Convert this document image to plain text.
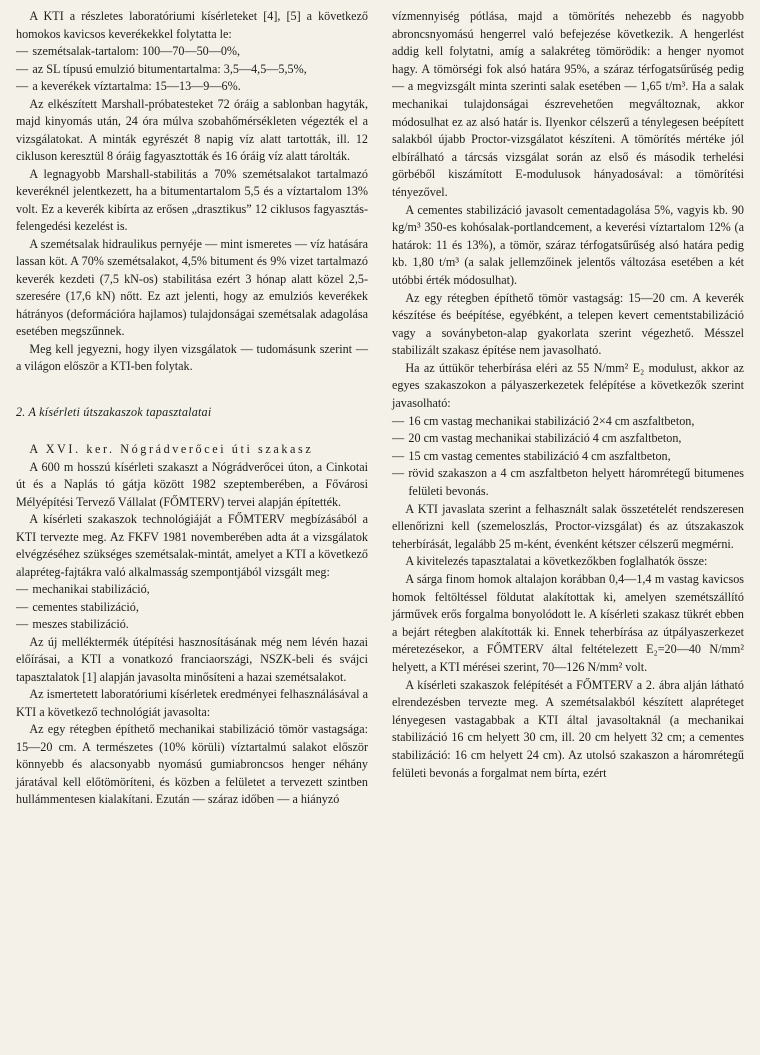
A KTI a részletes laboratóriumi kísérleteket [4], [5] a következő homokos kavicsos keverékekkel folytatta le:

— szemétsalak-tartalom: 100—70—50—0%,

— az SL típusú emulzió bitumentartalma: 3,5—4,5—5,5%,

— a keverékek víztartalma: 15—13—9—6%.

Az elkészített Marshall-próbatesteket 72 óráig a sablonban hagyták, majd kinyomás után, 24 óra múlva szobahőmérsékleten végezték el a vizsgálatokat. A minták egyrészét 8 napig víz alatt tartották, ill. 12 cikluson keresztül 8 óráig fagyasztották és 16 óráig víz alatt tárolták.

A legnagyobb Marshall-stabilitás a 70% szemétsalakot tartalmazó keveréknél jelentkezett, ha a bitumentartalom 5,5 és a víztartalom 13% volt. Ez a keverék kibírta az erősen „drasztikus” 12 ciklusos fagyasztás-felengedési kezelést is.

A szemétsalak hidraulikus pernyéje — mint ismeretes — víz hatására lassan köt. A 70% szemétsalakot, 4,5% bitument és 9% vizet tartalmazó keverék kezdeti (7,5 kN-os) stabilitása ezért 3 hónap alatt közel 2,5-szeresére (17,6 kN) nőtt. Ez azt jelenti, hogy az emulziós keverékek hátrányos (deformációra hajlamos) tulajdonságai szemétsalak adagolása esetében megszűnnek.

Meg kell jegyezni, hogy ilyen vizsgálatok — tudomásunk szerint — a világon először a KTI-ben folytak.

2. A kísérleti útszakaszok tapasztalatai

A XVI. ker. Nógrádverőcei úti szakasz

A 600 m hosszú kísérleti szakaszt a Nógrádverőcei úton, a Cinkotai út és a Naplás tó gátja között 1982 szeptemberében, a Fővárosi Mélyépítési Tervező Vállalat (FŐMTERV) tervei alapján építették.

A kísérleti szakaszok technológiáját a FŐMTERV megbízásából a KTI tervezte meg. Az FKFV 1981 novemberében adta át a vizsgálatok elvégzéséhez szükséges szemétsalak-mintát, amelyet a KTI a következő alapréteg-fajtákra való alkalmasság szempontjából vizsgált meg:

— mechanikai stabilizáció,

— cementes stabilizáció,

— meszes stabilizáció.

Az új melléktermék útépítési hasznosításának még nem lévén hazai előírásai, a KTI a vonatkozó franciaországi, NSZK-beli és svájci tapasztalatok [1] alapján javasolta minősíteni a hazai szemétsalakot.

Az ismertetett laboratóriumi kísérletek eredményei felhasználásával a KTI a következő technológiát javasolta:

Az egy rétegben építhető mechanikai stabilizáció tömör vastagsága: 15—20 cm. A természetes (10% körüli) víztartalmú salakot először könnyebb és alacsonyabb nyomású gumiabroncsos henger néhány járatával kell előtömöríteni, és közben a felületet a tervezett szintben hullámmentesen kialakítani. Ezután — száraz időben — a hiányzó

vízmennyiség pótlása, majd a tömörítés nehezebb és nagyobb abroncsnyomású hengerrel való befejezése következik. A hengerlést addig kell folytatni, amíg a salakréteg tömörödik: a henger nyomot hagy. A tömörségi fok alsó határa 95%, a száraz térfogatsűrűség pedig — a megvizsgált minta szerinti salak esetében — 1,65 t/m³. Ha a salak mechanikai tulajdonságai észrevehetően megváltoznak, akkor módosulhat ez az alsó határ is. Ilyenkor célszerű a ténylegesen beépített salakból újabb Proctor-vizsgálatot készíteni. A tömörítés mértéke jól elbírálható a tárcsás vizsgálat során az első és második terhelési görbéből kiszámított E-modulusok hányadosával: a tömörítési tényezővel.

A cementes stabilizáció javasolt cementadagolása 5%, vagyis kb. 90 kg/m³ 350-es kohósalak-portlandcement, a keverési víztartalom 12% (a határok: 11 és 13%), a tömör, száraz térfogatsűrűség alsó határa pedig kb. 1,80 t/m³ (a salak jellemzőinek jelentős változása esetében a két utóbbi érték módosulhat).

Az egy rétegben építhető tömör vastagság: 15—20 cm. A keverék készítése és beépítése, egyébként, a telepen kevert cementstabilizáció vagy a soványbeton-alap gyakorlata szerint végezhető. Mésszel stabilizált szakasz építése nem javasolható.

Ha az úttükör teherbírása eléri az 55 N/mm² E₂ modulust, akkor az egyes szakaszokon a pályaszerkezetek felépítése a következők szerint javasolható:

— 16 cm vastag mechanikai stabilizáció 2×4 cm aszfaltbeton,

— 20 cm vastag mechanikai stabilizáció 4 cm aszfaltbeton,

— 15 cm vastag cementes stabilizáció 4 cm aszfaltbeton,

— rövid szakaszon a 4 cm aszfaltbeton helyett háromrétegű bitumenes felületi bevonás.

A KTI javaslata szerint a felhasznált salak összetételét rendszeresen ellenőrizni kell (szemeloszlás, Proctor-vizsgálat) és az útszakaszok teherbírását, legalább 25 m-ként, évenként kétszer célszerű megmérni.

A kivitelezés tapasztalatai a következőkben foglalhatók össze:

A sárga finom homok altalajon korábban 0,4—1,4 m vastag kavicsos homok feltöltéssel földutat alakítottak ki, amelyen szemétszállító járművek erős forgalma bonyolódott le. A kísérleti szakasz tükrét ebben a bejárt rétegben alakították ki. Ennek teherbírása az útpályaszerkezet méretezésekor, a FŐMTERV által feltételezett E₂=20—40 N/mm² helyett, a KTI mérései szerint, 70—126 N/mm² volt.

A kísérleti szakaszok felépítését a FŐMTERV a 2. ábra alján látható elrendezésben tervezte meg. A szemétsalakból készített alapréteget lényegesen vastagabbak a KTI által javasoltaknál (a mechanikai stabilizáció 16 cm helyett 30 cm, ill. 20 cm helyett 32 cm; a cementes stabilizáció: 16 cm helyett 24 cm). Az utolsó szakaszon a háromrétegű felületi bevonás a forgalmat nem bírta, ezért
